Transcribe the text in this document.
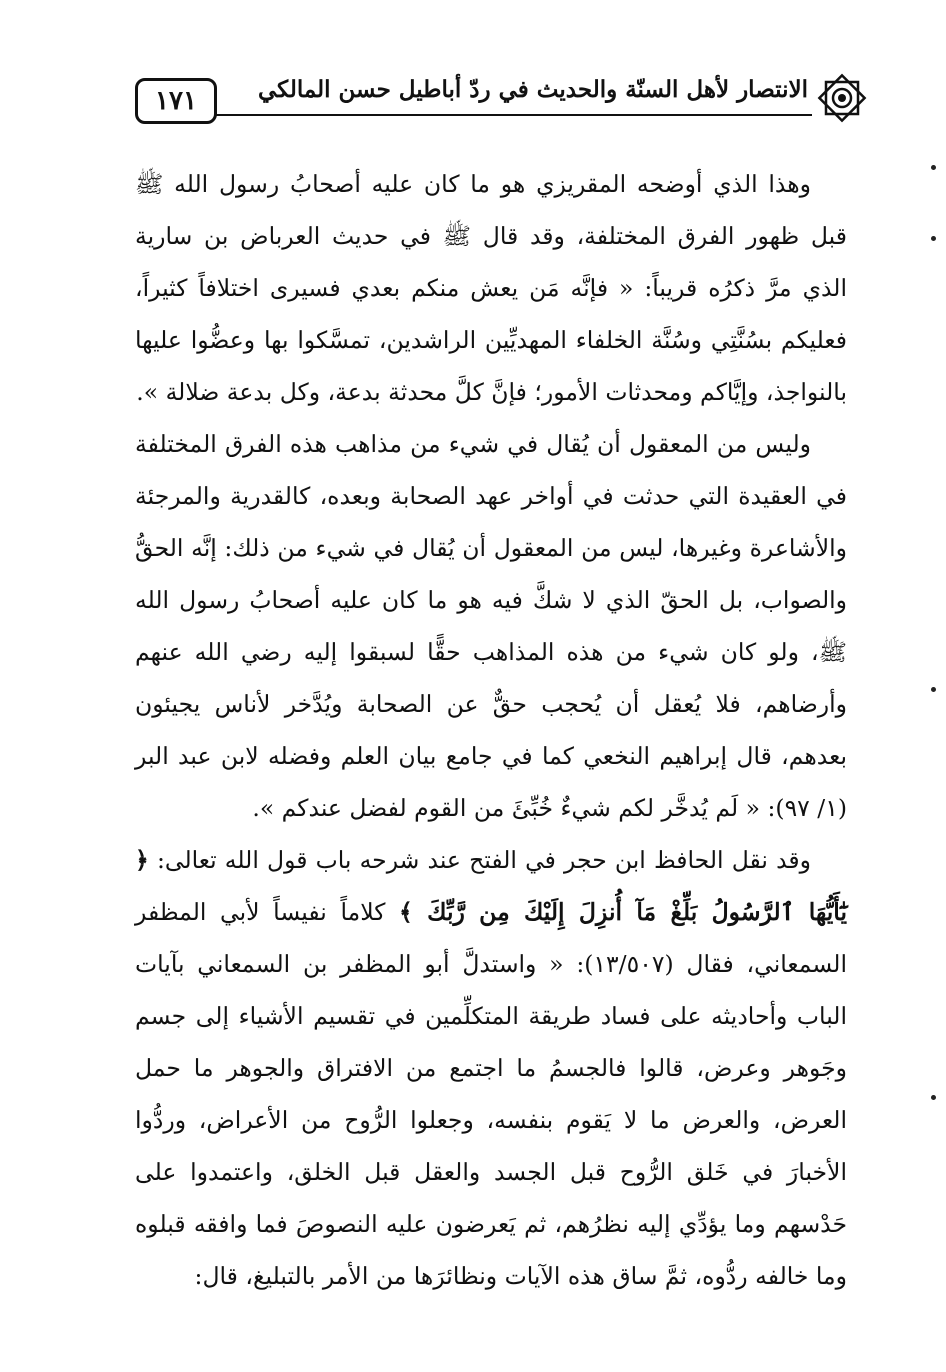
١٧١	الانتصار لأهل السنّة والحديث في ردّ أباطيل حسن المالكي

وهذا الذي أوضحه المقريزي هو ما كان عليه أصحابُ رسول الله ﷺ قبل ظهور الفرق المختلفة، وقد قال ﷺ في حديث العرباض بن سارية الذي مرَّ ذكرُه قريباً: « فإنَّه مَن يعش منكم بعدي فسيرى اختلافاً كثيراً، فعليكم بسُنَّتِي وسُنَّة الخلفاء المهديِّين الراشدين، تمسَّكوا بها وعضُّوا عليها بالنواجذ، وإيَّاكم ومحدثات الأمور؛ فإنَّ كلَّ محدثة بدعة، وكل بدعة ضلالة ».

وليس من المعقول أن يُقال في شيء من مذاهب هذه الفرق المختلفة في العقيدة التي حدثت في أواخر عهد الصحابة وبعده، كالقدرية والمرجئة والأشاعرة وغيرها، ليس من المعقول أن يُقال في شيء من ذلك: إنَّه الحقُّ والصواب، بل الحقّ الذي لا شكَّ فيه هو ما كان عليه أصحابُ رسول الله ﷺ، ولو كان شيء من هذه المذاهب حقًّا لسبقوا إليه رضي الله عنهم وأرضاهم، فلا يُعقل أن يُحجب حقٌّ عن الصحابة ويُدَّخر لأناس يجيئون بعدهم، قال إبراهيم النخعي كما في جامع بيان العلم وفضله لابن عبد البر (١/ ٩٧): « لَم يُدخَّر لكم شيءٌ خُبِّئَ من القوم لفضل عندكم ».

وقد نقل الحافظ ابن حجر في الفتح عند شرحه باب قول الله تعالى: ﴿ يَٰٓأَيُّهَا ٱلرَّسُولُ بَلِّغْ مَآ أُنزِلَ إِلَيْكَ مِن رَّبِّكَ ﴾ كلاماً نفيساً لأبي المظفر السمعاني، فقال (١٣/٥٠٧): « واستدلَّ أبو المظفر بن السمعاني بآيات الباب وأحاديثه على فساد طريقة المتكلِّمين في تقسيم الأشياء إلى جسم وجَوهر وعرض، قالوا فالجسمُ ما اجتمع من الافتراق والجوهر ما حمل العرض، والعرض ما لا يَقوم بنفسه، وجعلوا الرُّوح من الأعراض، وردُّوا الأخبارَ في خَلق الرُّوح قبل الجسد والعقل قبل الخلق، واعتمدوا على حَدْسهم وما يؤدِّي إليه نظرُهم، ثم يَعرضون عليه النصوصَ فما وافقه قبلوه وما خالفه ردُّوه، ثمَّ ساق هذه الآيات ونظائرَها من الأمر بالتبليغ، قال:
